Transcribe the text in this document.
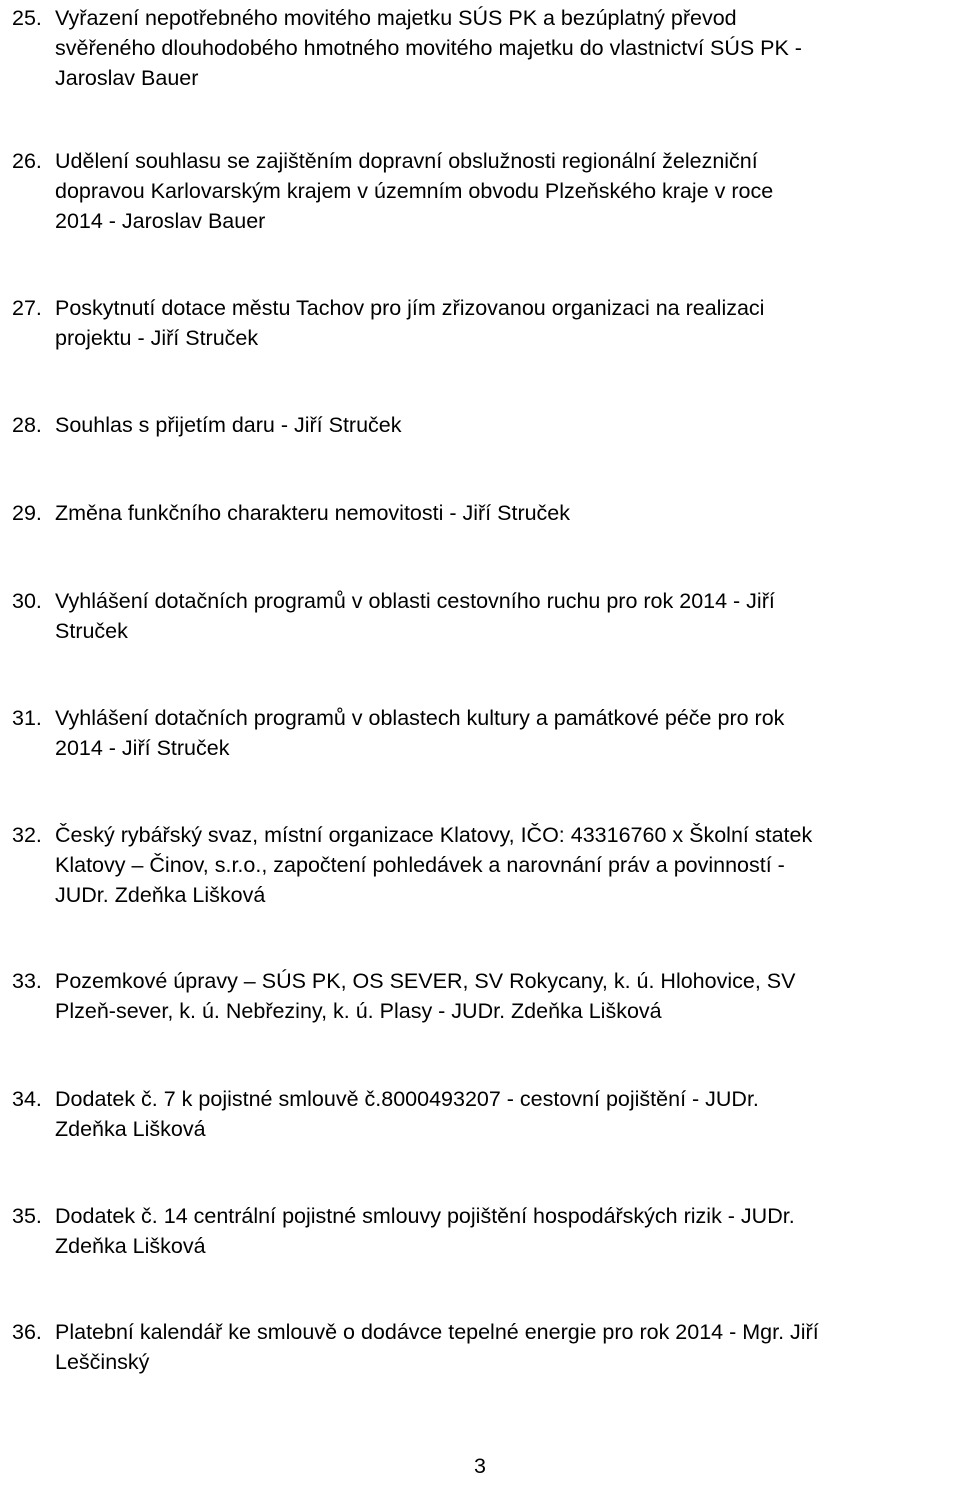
25. Vyřazení nepotřebného movitého majetku SÚS PK a bezúplatný převod
svěřeného dlouhodobého hmotného movitého majetku do vlastnictví SÚS PK -
Jaroslav Bauer
26. Udělení souhlasu se zajištěním dopravní obslužnosti regionální železniční
dopravou Karlovarským krajem v územním obvodu Plzeňského kraje v roce
2014 - Jaroslav Bauer
27. Poskytnutí dotace městu Tachov pro jím zřizovanou organizaci na realizaci
projektu - Jiří Struček
28. Souhlas s přijetím daru - Jiří Struček
29. Změna funkčního charakteru nemovitosti - Jiří Struček
30. Vyhlášení dotačních programů v oblasti cestovního ruchu pro rok 2014 - Jiří
Struček
31. Vyhlášení dotačních programů v oblastech kultury a památkové péče pro rok
2014 - Jiří Struček
32. Český rybářský svaz, místní organizace Klatovy, IČO: 43316760 x Školní statek
Klatovy – Činov, s.r.o., započtení pohledávek a narovnání práv a povinností -
JUDr. Zdeňka Lišková
33. Pozemkové úpravy – SÚS PK, OS SEVER, SV Rokycany, k. ú. Hlohovice, SV
Plzeň-sever, k. ú. Nebřeziny, k. ú. Plasy - JUDr. Zdeňka Lišková
34. Dodatek č. 7 k pojistné smlouvě č.8000493207 - cestovní pojištění - JUDr.
Zdeňka Lišková
35. Dodatek č. 14 centrální pojistné smlouvy pojištění hospodářských rizik - JUDr.
Zdeňka Lišková
36. Platební kalendář ke smlouvě o dodávce tepelné energie pro rok 2014 - Mgr. Jiří
Leščinský
3
